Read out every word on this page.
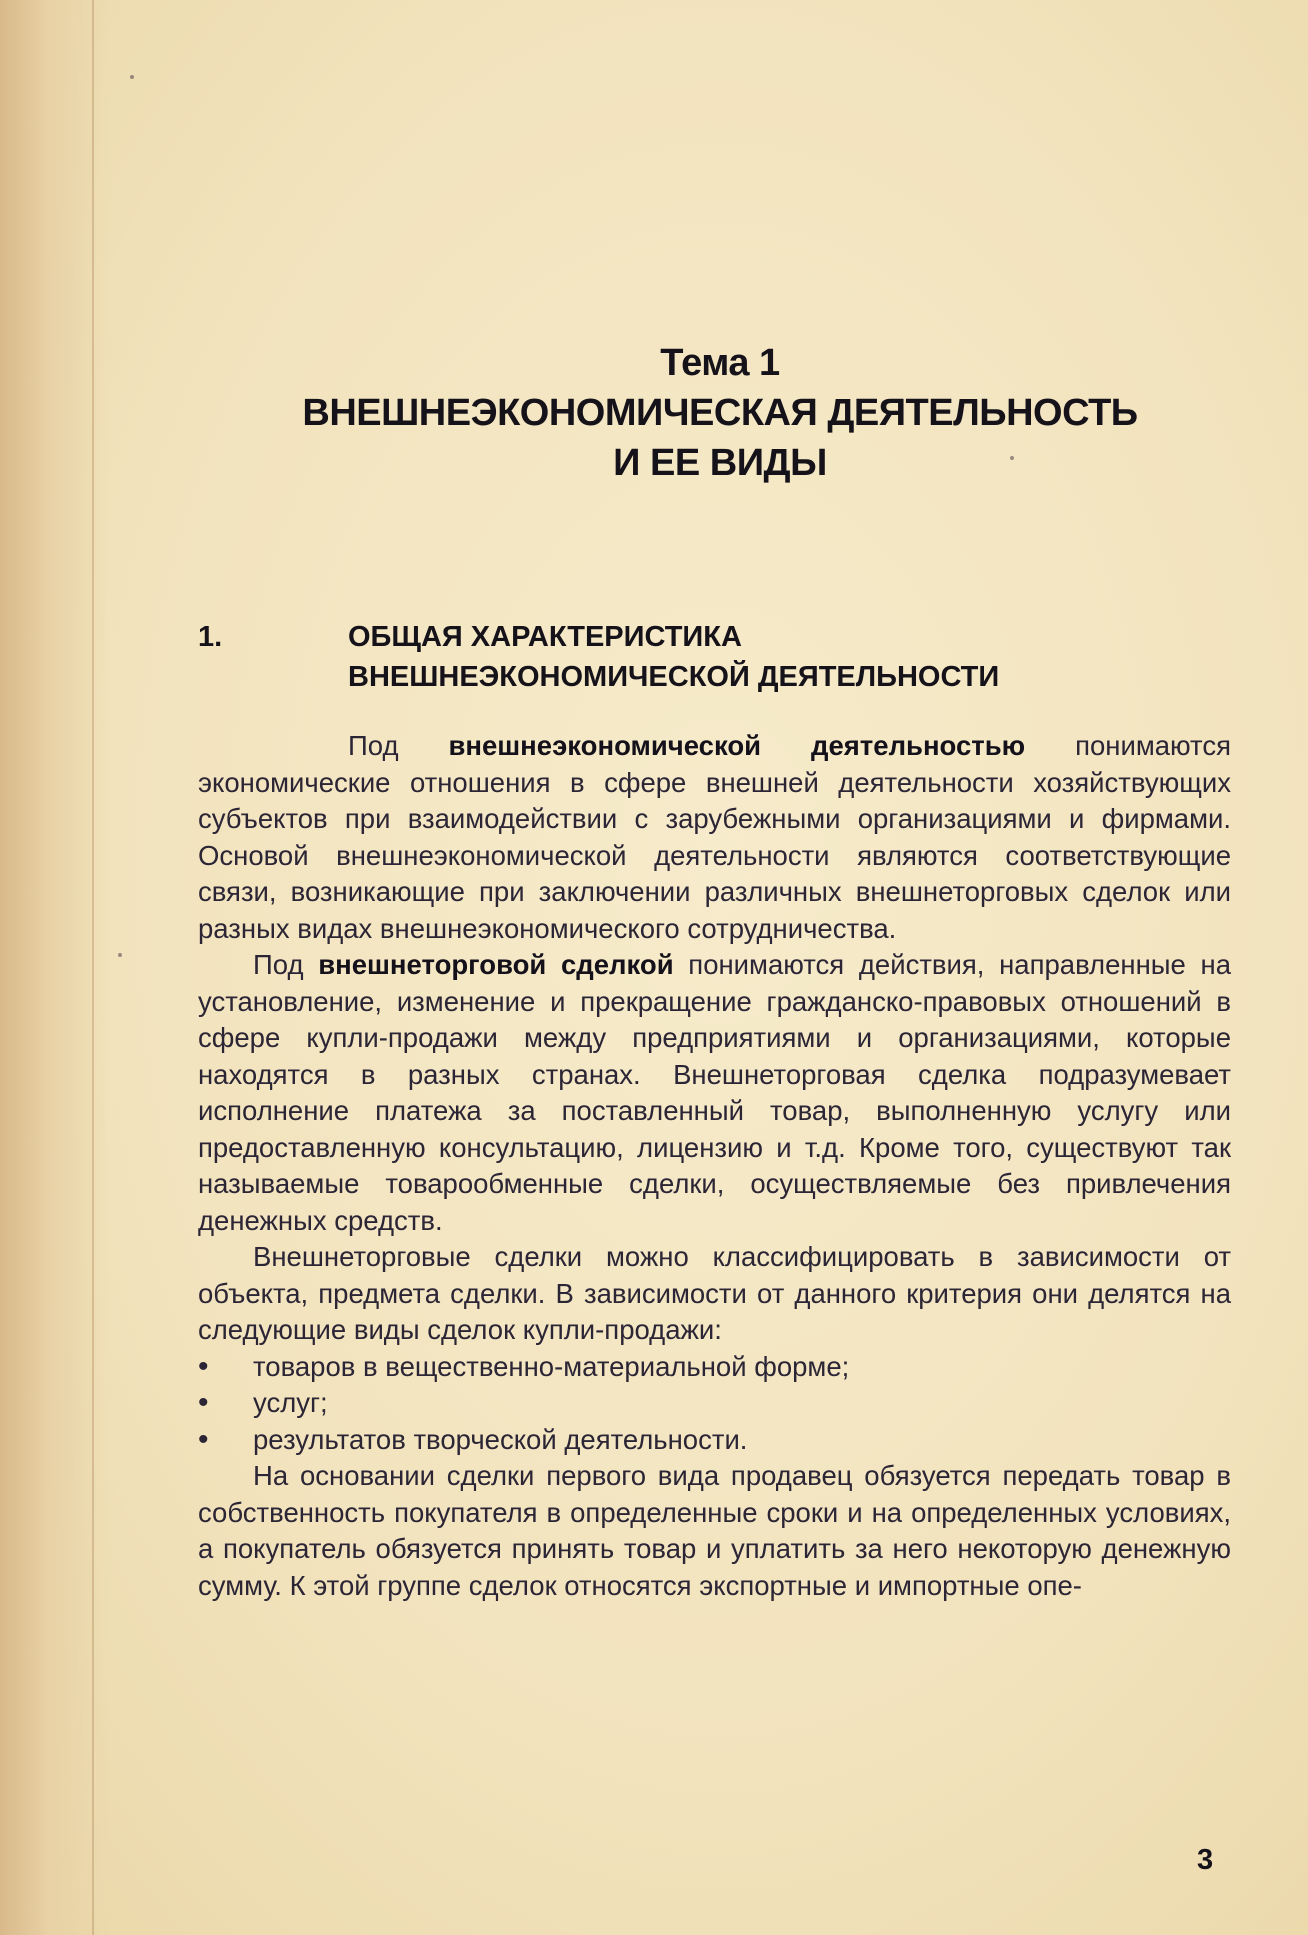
Тема 1
ВНЕШНЕЭКОНОМИЧЕСКАЯ ДЕЯТЕЛЬНОСТЬ
И ЕЕ ВИДЫ
1.	ОБЩАЯ ХАРАКТЕРИСТИКА
ВНЕШНЕЭКОНОМИЧЕСКОЙ ДЕЯТЕЛЬНОСТИ

Под внешнеэкономической деятельностью понимаются экономические отношения в сфере внешней деятельности хозяйствующих субъектов при взаимодействии с зарубежными организациями и фирмами. Основой внешнеэкономической деятельности являются соответствующие связи, возникающие при заключении различных внешнеторговых сделок или разных видах внешнеэкономического сотрудничества.

Под внешнеторговой сделкой понимаются действия, направленные на установление, изменение и прекращение гражданско-правовых отношений в сфере купли-продажи между предприятиями и организациями, которые находятся в разных странах. Внешнеторговая сделка подразумевает исполнение платежа за поставленный товар, выполненную услугу или предоставленную консультацию, лицензию и т.д. Кроме того, существуют так называемые товарообменные сделки, осуществляемые без привлечения денежных средств.

Внешнеторговые сделки можно классифицировать в зависимости от объекта, предмета сделки. В зависимости от данного критерия они делятся на следующие виды сделок купли-продажи:

• товаров в вещественно-материальной форме;
• услуг;
• результатов творческой деятельности.

На основании сделки первого вида продавец обязуется передать товар в собственность покупателя в определенные сроки и на определенных условиях, а покупатель обязуется принять товар и уплатить за него некоторую денежную сумму. К этой группе сделок относятся экспортные и импортные опе-

3
